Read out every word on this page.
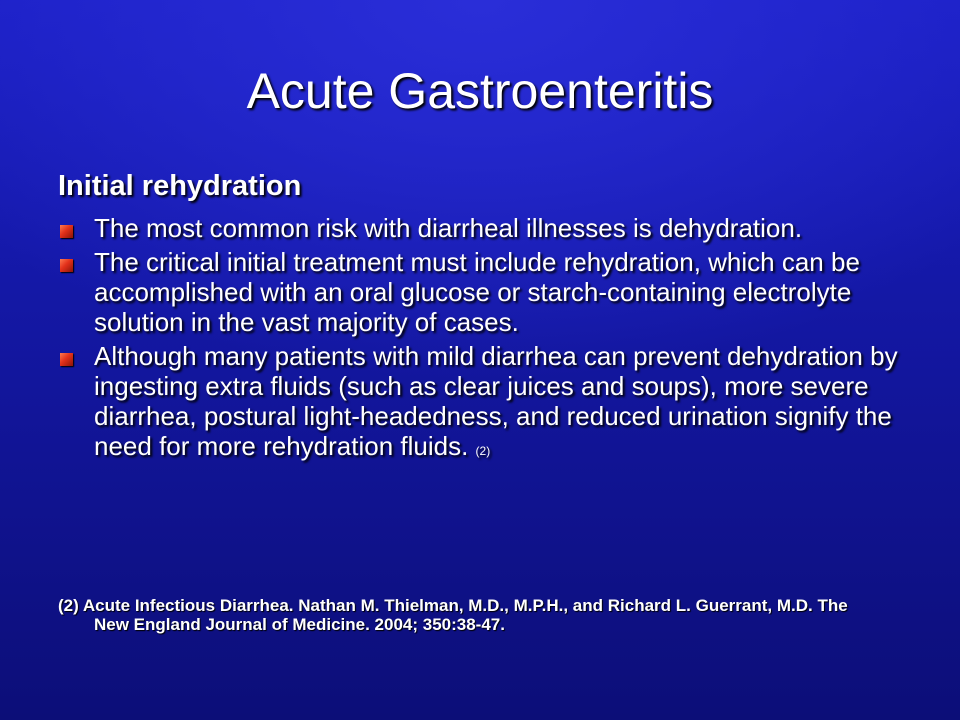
Acute Gastroenteritis
Initial rehydration
The most common risk with diarrheal illnesses is dehydration.
The critical initial treatment must include rehydration, which can be accomplished with an oral glucose or starch-containing electrolyte solution in the vast majority of cases.
Although many patients with mild diarrhea can prevent dehydration by ingesting extra fluids (such as clear juices and soups), more severe diarrhea, postural light-headedness, and reduced urination signify the need for more rehydration fluids. (2)
(2) Acute Infectious Diarrhea. Nathan M. Thielman, M.D., M.P.H., and Richard L. Guerrant, M.D. The
New England Journal of Medicine. 2004; 350:38-47.
